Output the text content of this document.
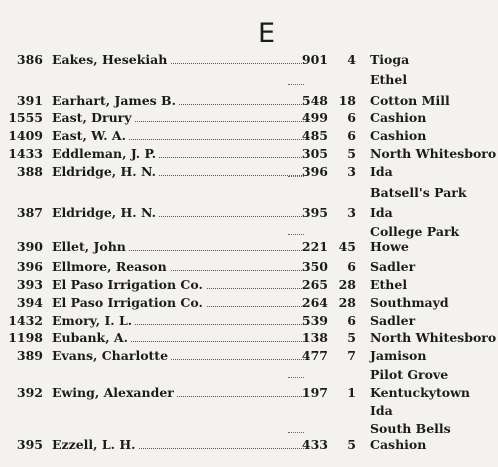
E
386 Eakes, Hesekiah	901	4 Tioga
Ethel
391 Earhart, James B.	548 18 Cotton Mill
1555 East, Drury	499	6 Cashion
1409 East, W. A.	485	6 Cashion
1433 Eddleman, J. P.	305	5 North Whitesboro
388 Eldridge, H. N.	396	3 Ida
Batsell's Park
387 Eldridge, H. N.	395	3 Ida
College Park
390 Ellet, John	221 45 Howe
396 Ellmore, Reason	350	6 Sadler
393 El Paso Irrigation Co.	265 28 Ethel
394 El Paso Irrigation Co.	264 28 Southmayd
1432 Emory, I. L.	539	6 Sadler
1198 Eubank, A.	138	5 North Whitesboro
389 Evans, Charlotte	477	7 Jamison
Pilot Grove
392 Ewing, Alexander	197	1 Kentuckytown
Ida
South Bells
395 Ezzell, L. H.	433	5 Cashion
